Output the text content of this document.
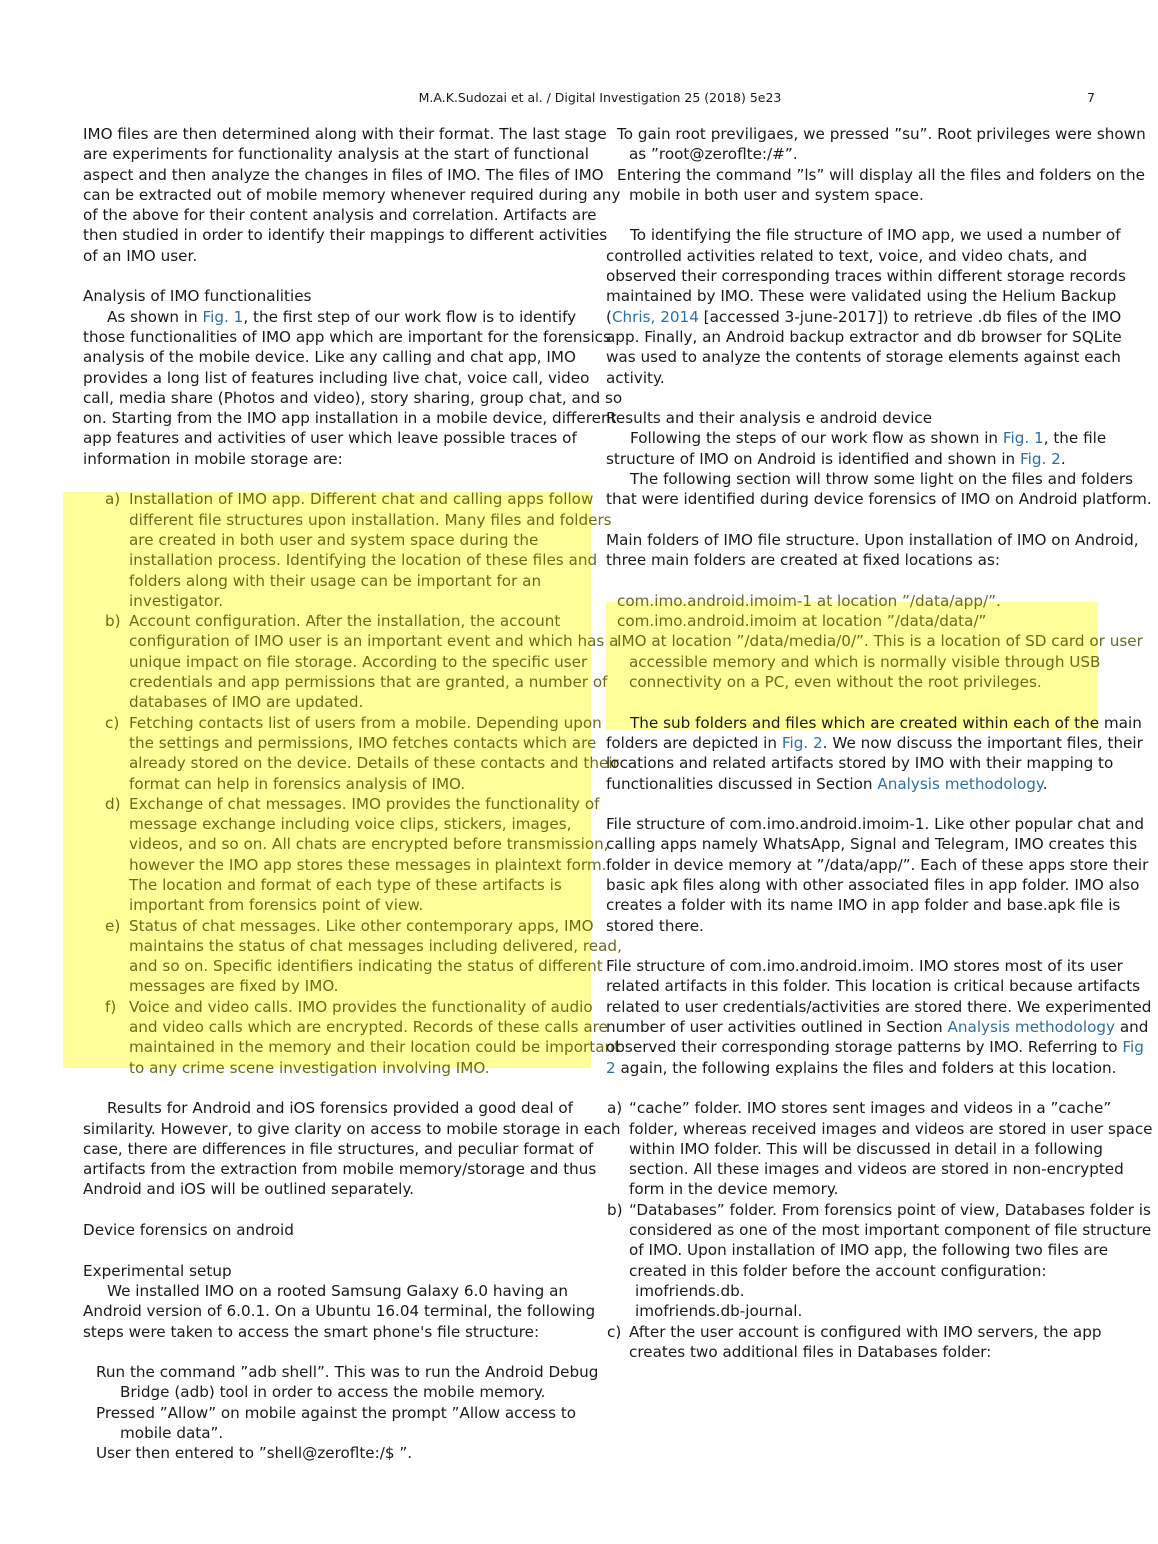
M.A.K.Sudozai et al. / Digital Investigation 25 (2018) 5e23	7

IMO files are then determined along with their format. The last stage are experiments for functionality analysis at the start of functional aspect and then analyze the changes in files of IMO. The files of IMO can be extracted out of mobile memory whenever required during any of the above for their content analysis and correlation. Artifacts are then studied in order to identify their mappings to different activities of an IMO user.

Analysis of IMO functionalities

As shown in Fig. 1, the first step of our work flow is to identify those functionalities of IMO app which are important for the forensics analysis of the mobile device. Like any calling and chat app, IMO provides a long list of features including live chat, voice call, video call, media share (Photos and video), story sharing, group chat, and so on. Starting from the IMO app installation in a mobile device, different app features and activities of user which leave possible traces of information in mobile storage are:

a) Installation of IMO app. Different chat and calling apps follow different file structures upon installation. Many files and folders are created in both user and system space during the installation process. Identifying the location of these files and folders along with their usage can be important for an investigator.
b) Account configuration. After the installation, the account configuration of IMO user is an important event and which has a unique impact on file storage. According to the specific user credentials and app permissions that are granted, a number of databases of IMO are updated.
c) Fetching contacts list of users from a mobile. Depending upon the settings and permissions, IMO fetches contacts which are already stored on the device. Details of these contacts and their format can help in forensics analysis of IMO.
d) Exchange of chat messages. IMO provides the functionality of message exchange including voice clips, stickers, images, videos, and so on. All chats are encrypted before transmission, however the IMO app stores these messages in plaintext form. The location and format of each type of these artifacts is important from forensics point of view.
e) Status of chat messages. Like other contemporary apps, IMO maintains the status of chat messages including delivered, read, and so on. Specific identifiers indicating the status of different messages are fixed by IMO.
f) Voice and video calls. IMO provides the functionality of audio and video calls which are encrypted. Records of these calls are maintained in the memory and their location could be important to any crime scene investigation involving IMO.

Results for Android and iOS forensics provided a good deal of similarity. However, to give clarity on access to mobile storage in each case, there are differences in file structures, and peculiar format of artifacts from the extraction from mobile memory/storage and thus Android and iOS will be outlined separately.

Device forensics on android

Experimental setup

We installed IMO on a rooted Samsung Galaxy 6.0 having an Android version of 6.0.1. On a Ubuntu 16.04 terminal, the following steps were taken to access the smart phone's file structure:

Run the command ”adb shell”. This was to run the Android Debug Bridge (adb) tool in order to access the mobile memory.

Pressed ”Allow” on mobile against the prompt ”Allow access to mobile data”.

User then entered to ”shell@zerofltе:/$ ”.

To gain root previligaes, we pressed ”su”. Root privileges were shown as ”root@zerofltе:/#”.

Entering the command ”ls” will display all the files and folders on the mobile in both user and system space.

To identifying the file structure of IMO app, we used a number of controlled activities related to text, voice, and video chats, and observed their corresponding traces within different storage records maintained by IMO. These were validated using the Helium Backup (Chris, 2014 [accessed 3-june-2017]) to retrieve .db files of the IMO app. Finally, an Android backup extractor and db browser for SQLite was used to analyze the contents of storage elements against each activity.

Results and their analysis e android device

Following the steps of our work flow as shown in Fig. 1, the file structure of IMO on Android is identified and shown in Fig. 2.

The following section will throw some light on the files and folders that were identified during device forensics of IMO on Android platform.

Main folders of IMO file structure. Upon installation of IMO on Android, three main folders are created at fixed locations as:

com.imo.android.imoim-1 at location ”/data/app/”.

com.imo.android.imoim at location ”/data/data/”

IMO at location ”/data/media/0/”. This is a location of SD card or user accessible memory and which is normally visible through USB connectivity on a PC, even without the root privileges.

The sub folders and files which are created within each of the main folders are depicted in Fig. 2. We now discuss the important files, their locations and related artifacts stored by IMO with their mapping to functionalities discussed in Section Analysis methodology.

File structure of com.imo.android.imoim-1. Like other popular chat and calling apps namely WhatsApp, Signal and Telegram, IMO creates this folder in device memory at ”/data/app/”. Each of these apps store their basic apk files along with other associated files in app folder. IMO also creates a folder with its name IMO in app folder and base.apk file is stored there.

File structure of com.imo.android.imoim. IMO stores most of its user related artifacts in this folder. This location is critical because artifacts related to user credentials/activities are stored there. We experimented number of user activities outlined in Section Analysis methodology and observed their corresponding storage patterns by IMO. Referring to Fig 2 again, the following explains the files and folders at this location.

a) “cache” folder. IMO stores sent images and videos in a ”cache” folder, whereas received images and videos are stored in user space within IMO folder. This will be discussed in detail in a following section. All these images and videos are stored in non-encrypted form in the device memory.
b) “Databases” folder. From forensics point of view, Databases folder is considered as one of the most important component of file structure of IMO. Upon installation of IMO app, the following two files are created in this folder before the account configuration:
imofriends.db.
imofriends.db-journal.
c) After the user account is configured with IMO servers, the app creates two additional files in Databases folder:
